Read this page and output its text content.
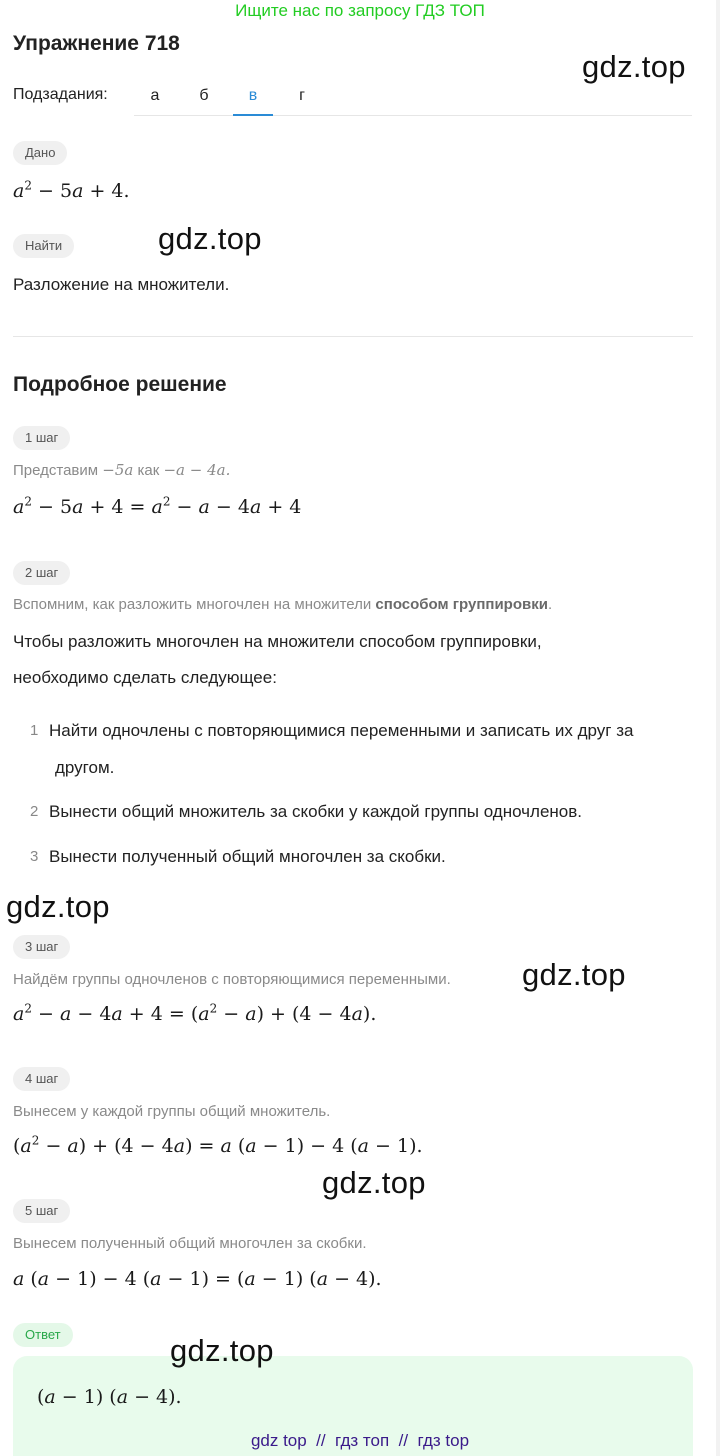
Ищите нас по запросу ГДЗ ТОП
Упражнение 718
Подзадания:	а	б	в	г
Дано
$a^2 - 5a + 4$.
Найти
Разложение на множители.
Подробное решение
1 шаг
Представим −5a как −a − 4a.
$a^2 - 5a + 4 = a^2 - a - 4a + 4$
2 шаг
Вспомним, как разложить многочлен на множители способом группировки.
Чтобы разложить многочлен на множители способом группировки,
необходимо сделать следующее:
1 Найти одночлены с повторяющимися переменными и записать их друг за
другом.
2 Вынести общий множитель за скобки у каждой группы одночленов.
3 Вынести полученный общий многочлен за скобки.
3 шаг
Найдём группы одночленов с повторяющимися переменными.
$a^2 - a - 4a + 4 = (a^2 - a) + (4 - 4a)$.
4 шаг
Вынесем у каждой группы общий множитель.
$(a^2 - a) + (4 - 4a) = a$ (a − 1) − 4 (a − 1).
5 шаг
Вынесем полученный общий многочлен за скобки.
a (a − 1) − 4 (a − 1) = (a − 1) (a − 4).
Ответ
(a − 1) (a − 4).
gdz.top
gdz.top
gdz.top
gdz.top
gdz.top
gdz.top
gdz top  //  гдз топ  //  гдз top
